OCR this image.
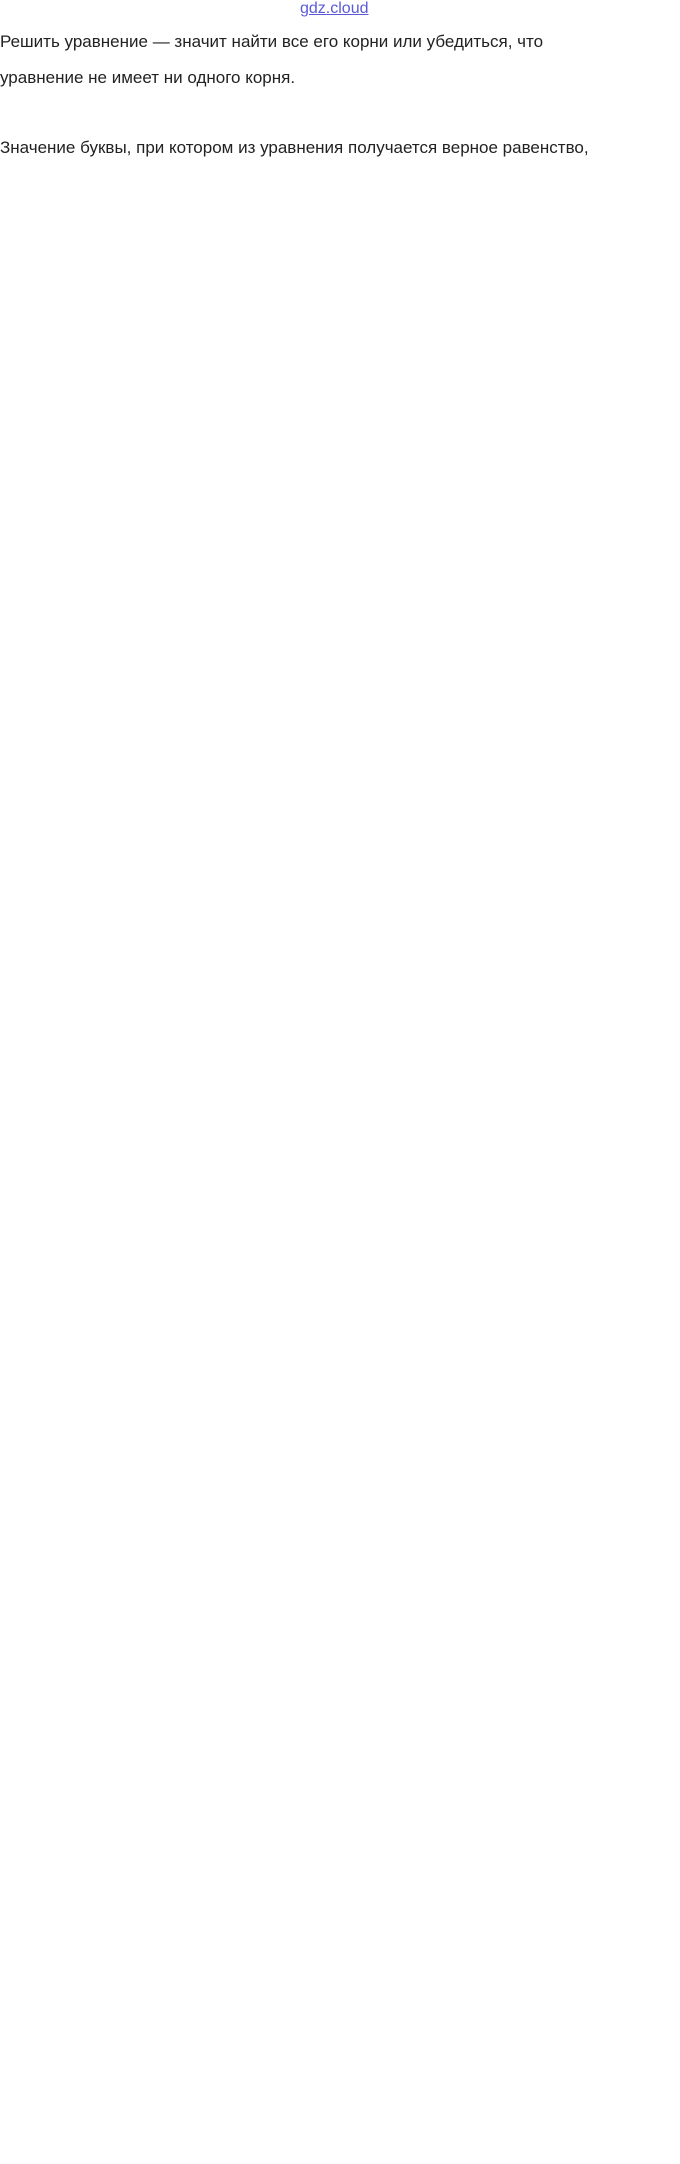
gdz.cloud
Решить уравнение — значит найти все его корни или убедиться, что
уравнение не имеет ни одного корня.
Значение буквы, при котором из уравнения получается верное равенство,
